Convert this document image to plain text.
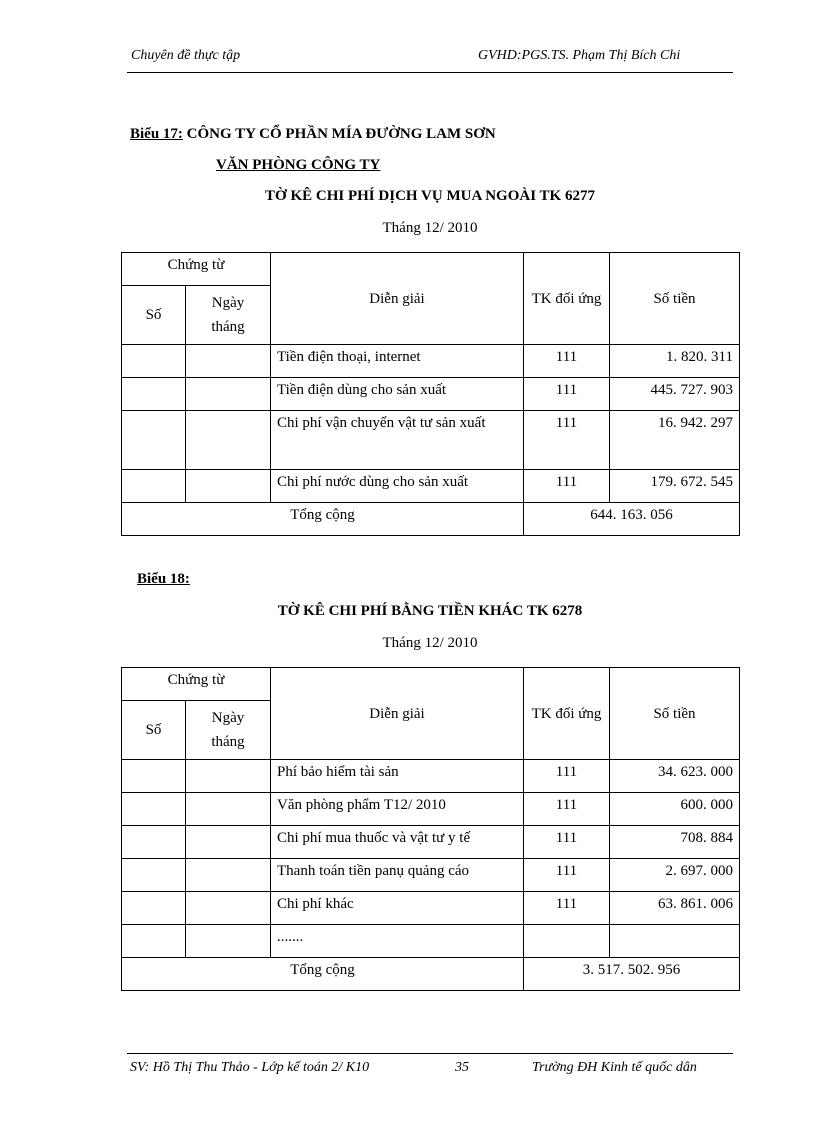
Chuyên đề thực tập	GVHD:PGS.TS. Phạm Thị Bích Chi
Biểu 17: CÔNG TY CỔ PHẦN MÍA ĐƯỜNG LAM SƠN
VĂN PHÒNG CÔNG TY
TỜ KÊ CHI PHÍ DỊCH VỤ MUA NGOÀI TK 6277
Tháng 12/ 2010
Chứng từ		Diễn giải	TK đối ứng	Số tiền
Số	Ngày tháng			
		Tiền điện thoại, internet	111	1. 820. 311
		Tiền điện dùng cho sản xuất	111	445. 727. 903
		Chi phí vận chuyển vật tư sản xuất	111	16. 942. 297
		Chi phí nước dùng cho sản xuất	111	179. 672. 545
Tổng cộng			644. 163. 056	
Biểu 18:
TỜ KÊ CHI PHÍ BẰNG TIỀN KHÁC TK 6278
Tháng 12/ 2010
Chứng từ		Diễn giải	TK đối ứng	Số tiền
Số	Ngày tháng			
		Phí bảo hiểm tài sản	111	34. 623. 000
		Văn phòng phẩm T12/ 2010	111	600. 000
		Chi phí mua thuốc và vật tư y tế	111	708. 884
		Thanh toán tiền panụ quảng cáo	111	2. 697. 000
		Chi phí khác	111	63. 861. 006
		.......		
Tổng cộng			3. 517. 502. 956	
SV: Hồ Thị Thu Thảo - Lớp kế toán 2/ K10	35	Trường ĐH Kinh tế quốc dân
